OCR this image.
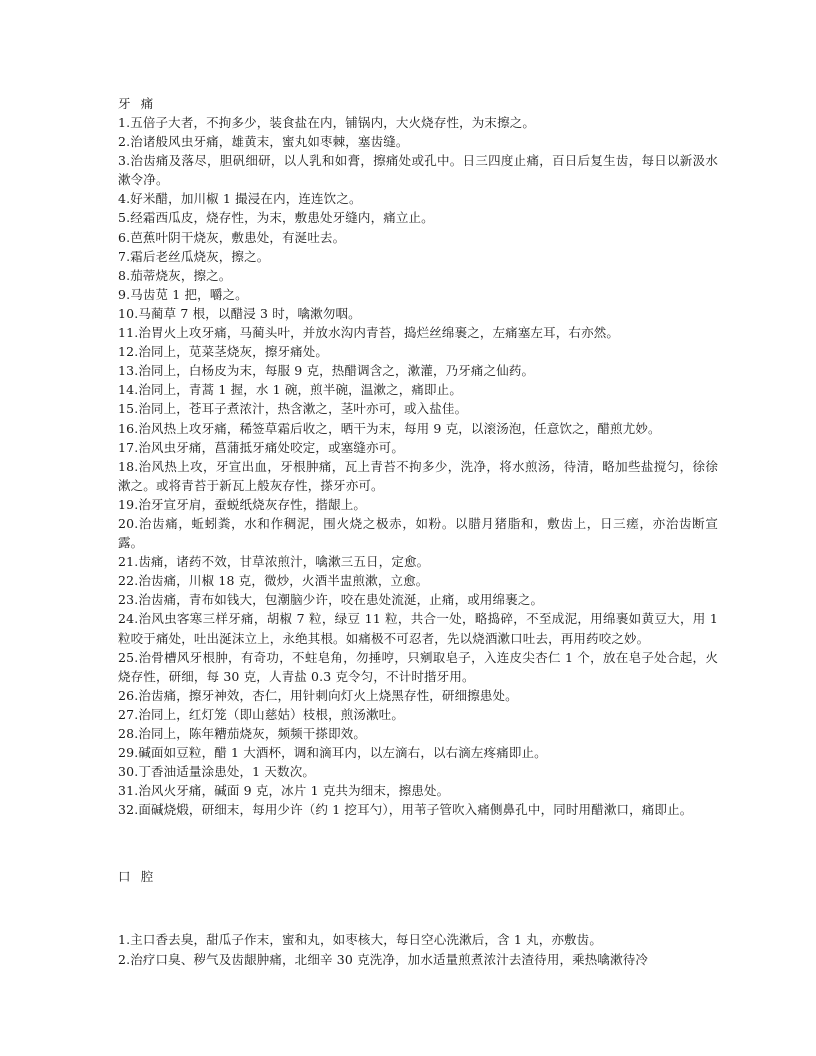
牙 痛

1.五倍子大者，不拘多少，装食盐在内，铺锅内，大火烧存性，为末擦之。

2.治诸般风虫牙痛，雄黄末，蜜丸如枣棘，塞齿缝。

3.治齿痛及落尽，胆矾细研，以人乳和如膏，擦痛处或孔中。日三四度止痛，百日后复生齿，每日以新汲水漱令净。

4.好米醋，加川椒 1 撮浸在内，连连饮之。

5.经霜西瓜皮，烧存性，为末，敷患处牙缝内，痛立止。

6.芭蕉叶阴干烧灰，敷患处，有涎吐去。

7.霜后老丝瓜烧灰，擦之。

8.茄蒂烧灰，擦之。

9.马齿苋 1 把，嚼之。

10.马蔺草 7 根，以醋浸 3 时，噙漱勿咽。

11.治胃火上攻牙痛，马蔺头叶，并放水沟内青苔，捣烂丝绵裹之，左痛塞左耳，右亦然。

12.治同上，苋菜茎烧灰，擦牙痛处。

13.治同上，白杨皮为末，每服 9 克，热醋调含之，漱灌，乃牙痛之仙药。

14.治同上，青蒿 1 握，水 1 碗，煎半碗，温漱之，痛即止。

15.治同上，苍耳子煮浓汁，热含漱之，茎叶亦可，或入盐佳。

16.治风热上攻牙痛，稀签草霜后收之，晒干为末，每用 9 克，以滚汤泡，任意饮之，醋煎尤妙。

17.治风虫牙痛，菖蒲抵牙痛处咬定，或塞缝亦可。

18.治风热上攻，牙宣出血，牙根肿痛，瓦上青苔不拘多少，洗净，将水煎汤，待清，略加些盐搅匀，徐徐漱之。或将青苔于新瓦上般灰存性，搽牙亦可。

19.治牙宣牙肩，蚕蜕纸烧灰存性，揩龈上。

20.治齿痛，蚯蚓粪，水和作稠泥，围火烧之极赤，如粉。以腊月猪脂和，敷齿上，日三瘥，亦治齿断宣露。

21.齿痛，诸药不效，甘草浓煎汁，噙漱三五日，定愈。

22.治齿痛，川椒 18 克，微炒，火酒半盅煎漱，立愈。

23.治齿痛，青布如钱大，包潮脑少许，咬在患处流涎，止痛，或用绵裹之。

24.治风虫客寒三样牙痛，胡椒 7 粒，绿豆 11 粒，共合一处，略捣碎，不至成泥，用绵裹如黄豆大，用 1 粒咬于痛处，吐出涎沫立上，永绝其根。如痛极不可忍者，先以烧酒漱口吐去，再用药咬之妙。

25.治骨槽风牙根肿，有奇功，不蛀皂角，勿捶哼，只剜取皂子，入连皮尖杏仁 1 个，放在皂子处合起，火烧存性，研细，每 30 克，人青盐 0.3 克令匀，不计时揩牙用。

26.治齿痛，擦牙神效，杏仁，用针刺向灯火上烧黑存性，研细擦患处。

27.治同上，红灯笼（即山慈姑）枝根，煎汤漱吐。

28.治同上，陈年糟茄烧灰，频频干搽即效。

29.碱面如豆粒，醋 1 大酒杯，调和滴耳内，以左滴右，以右滴左疼痛即止。

30.丁香油适量涂患处，1 天数次。

31.治风火牙痛，碱面 9 克，冰片 1 克共为细末，擦患处。

32.面碱烧煅，研细末，每用少许（约 1 挖耳勺），用苇子管吹入痛侧鼻孔中，同时用醋漱口，痛即止。

口 腔

1.主口香去臭，甜瓜子作末，蜜和丸，如枣核大，每日空心洗漱后，含 1 丸，亦敷齿。

2.治疗口臭、秽气及齿龈肿痛，北细辛 30 克洗净，加水适量煎煮浓汁去渣待用，乘热噙漱待冷
